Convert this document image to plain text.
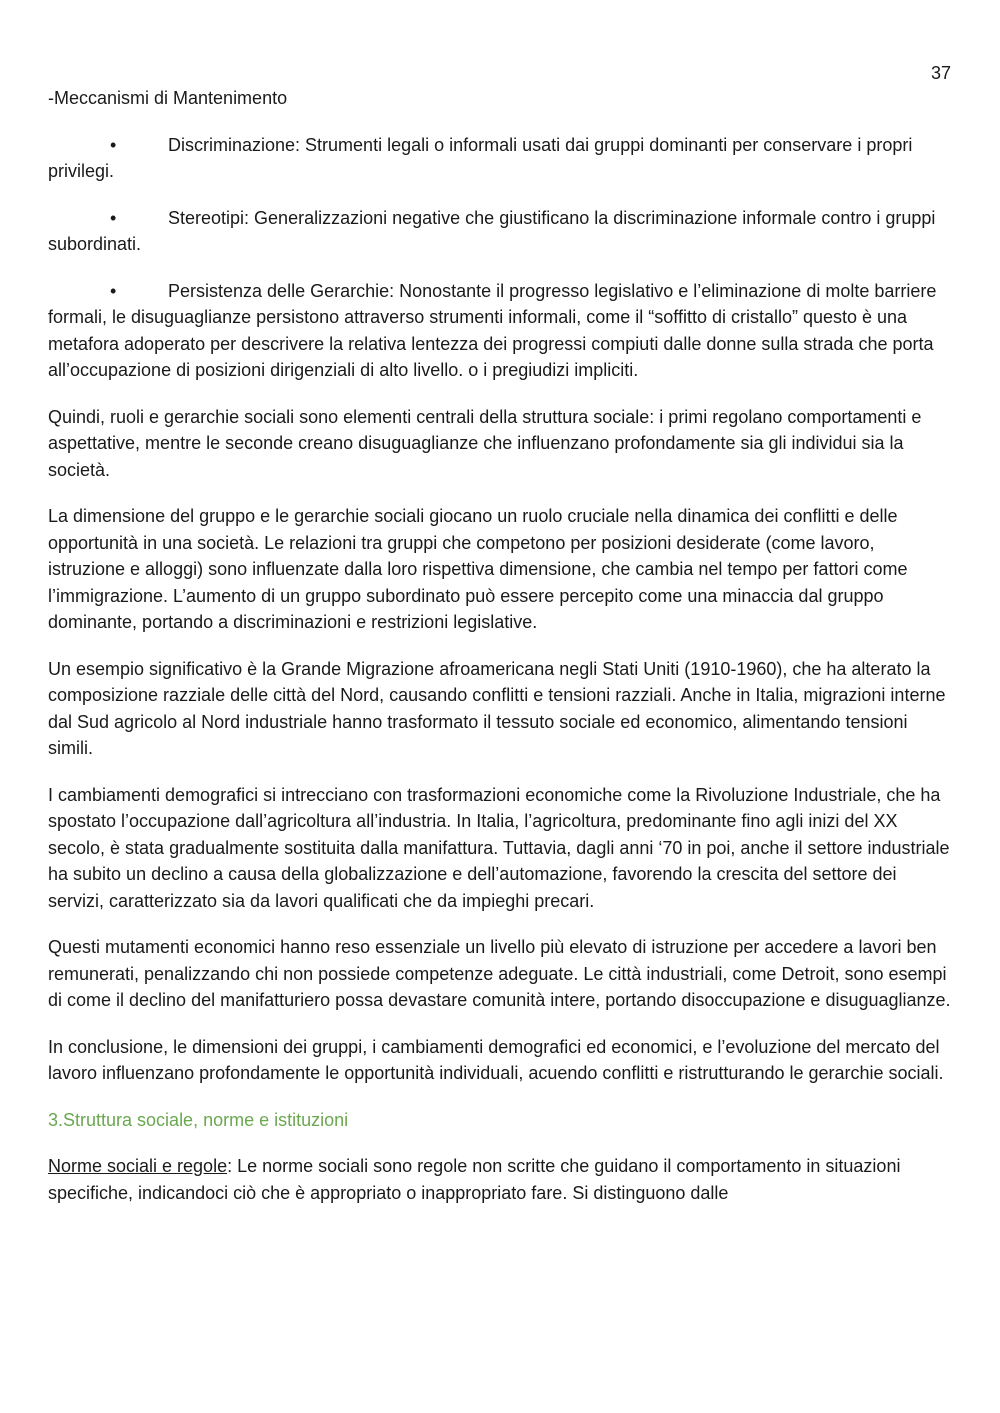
37

-Meccanismi di Mantenimento

•	Discriminazione: Strumenti legali o informali usati dai gruppi dominanti per conservare i propri privilegi.
•	Stereotipi: Generalizzazioni negative che giustificano la discriminazione informale contro i gruppi subordinati.
•	Persistenza delle Gerarchie: Nonostante il progresso legislativo e l’eliminazione di molte barriere formali, le disuguaglianze persistono attraverso strumenti informali, come il “soffitto di cristallo” questo è una metafora adoperato per descrivere la relativa lentezza dei progressi compiuti dalle donne sulla strada che porta all’occupazione di posizioni dirigenziali di alto livello. o i pregiudizi impliciti.

Quindi, ruoli e gerarchie sociali sono elementi centrali della struttura sociale: i primi regolano comportamenti e aspettative, mentre le seconde creano disuguaglianze che influenzano profondamente sia gli individui sia la società.

La dimensione del gruppo e le gerarchie sociali giocano un ruolo cruciale nella dinamica dei conflitti e delle opportunità in una società. Le relazioni tra gruppi che competono per posizioni desiderate (come lavoro, istruzione e alloggi) sono influenzate dalla loro rispettiva dimensione, che cambia nel tempo per fattori come l’immigrazione. L’aumento di un gruppo subordinato può essere percepito come una minaccia dal gruppo dominante, portando a discriminazioni e restrizioni legislative.

Un esempio significativo è la Grande Migrazione afroamericana negli Stati Uniti (1910-1960), che ha alterato la composizione razziale delle città del Nord, causando conflitti e tensioni razziali. Anche in Italia, migrazioni interne dal Sud agricolo al Nord industriale hanno trasformato il tessuto sociale ed economico, alimentando tensioni simili.

I cambiamenti demografici si intrecciano con trasformazioni economiche come la Rivoluzione Industriale, che ha spostato l’occupazione dall’agricoltura all’industria. In Italia, l’agricoltura, predominante fino agli inizi del XX secolo, è stata gradualmente sostituita dalla manifattura. Tuttavia, dagli anni ‘70 in poi, anche il settore industriale ha subito un declino a causa della globalizzazione e dell’automazione, favorendo la crescita del settore dei servizi, caratterizzato sia da lavori qualificati che da impieghi precari.

Questi mutamenti economici hanno reso essenziale un livello più elevato di istruzione per accedere a lavori ben remunerati, penalizzando chi non possiede competenze adeguate. Le città industriali, come Detroit, sono esempi di come il declino del manifatturiero possa devastare comunità intere, portando disoccupazione e disuguaglianze.

In conclusione, le dimensioni dei gruppi, i cambiamenti demografici ed economici, e l’evoluzione del mercato del lavoro influenzano profondamente le opportunità individuali, acuendo conflitti e ristrutturando le gerarchie sociali.

3.Struttura sociale, norme e istituzioni

Norme sociali e regole: Le norme sociali sono regole non scritte che guidano il comportamento in situazioni specifiche, indicandoci ciò che è appropriato o inappropriato fare. Si distinguono dalle
